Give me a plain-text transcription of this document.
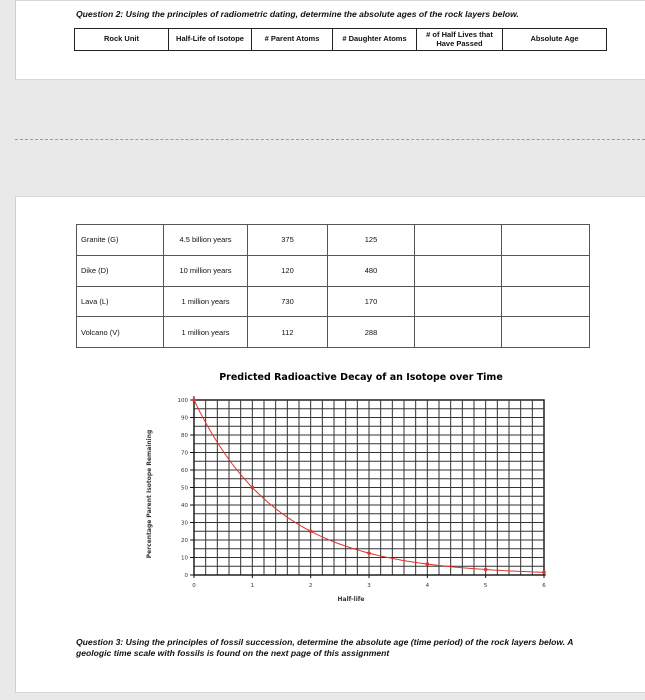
Question 2: Using the principles of radiometric dating, determine the absolute ages of the rock layers below.
Rock Unit	Half-Life of Isotope	# Parent Atoms	# Daughter Atoms	# of Half Lives that Have Passed	Absolute Age
Granite (G)	4.5 billion years	375	125		
Dike (D)	10 million years	120	480		
Lava (L)	1 million years	730	170		
Volcano (V)	1 million years	112	288		
Predicted Radioactive Decay of an Isotope over Time
Percentage Parent Isotope Remaining
Half-life
0
10
20
30
40
50
60
70
80
90
100
0	1	2	3	4	5	6
Question 3: Using the principles of fossil succession, determine the absolute age (time period) of the rock layers below. A geologic time scale with fossils is found on the next page of this assignment
